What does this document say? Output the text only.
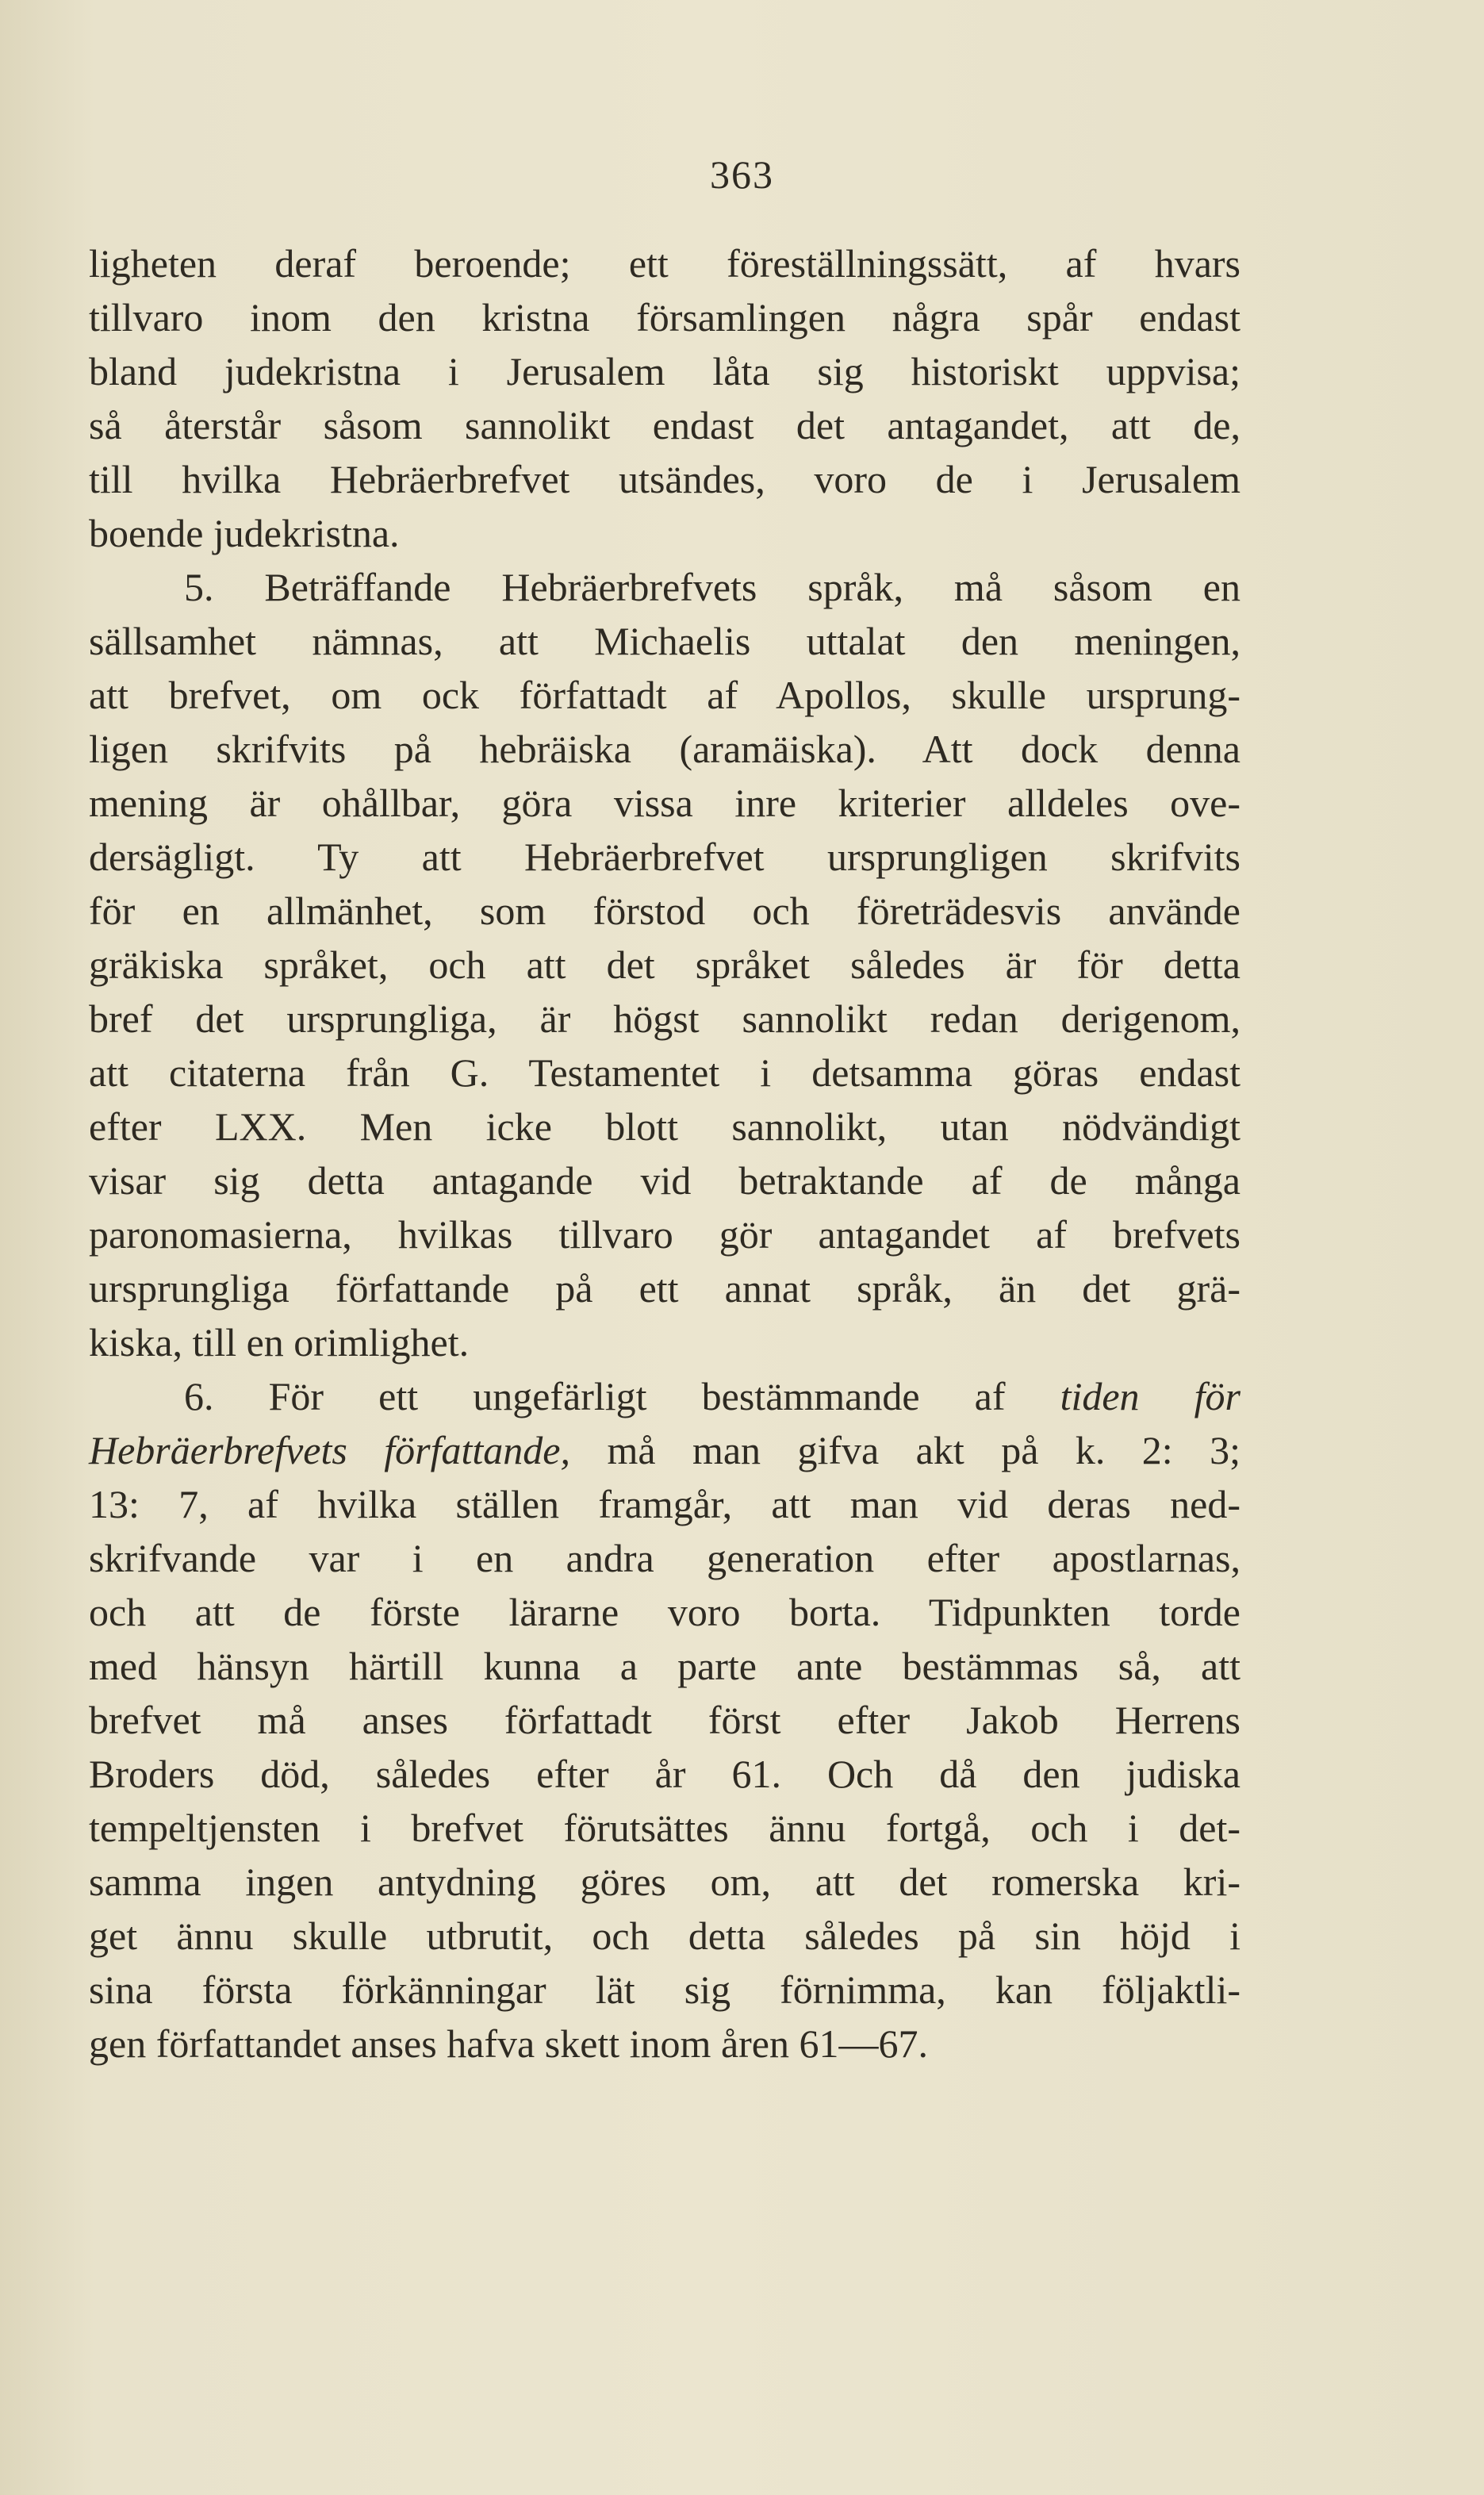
363
ligheten deraf beroende; ett föreställningssätt, af hvars
tillvaro inom den kristna församlingen några spår endast
bland judekristna i Jerusalem låta sig historiskt uppvisa;
så återstår såsom sannolikt endast det antagandet, att de,
till hvilka Hebräerbrefvet utsändes, voro de i Jerusalem
boende judekristna.
5. Beträffande Hebräerbrefvets språk, må såsom en
sällsamhet nämnas, att Michaelis uttalat den meningen,
att brefvet, om ock författadt af Apollos, skulle ursprung-
ligen skrifvits på hebräiska (aramäiska). Att dock denna
mening är ohållbar, göra vissa inre kriterier alldeles ove-
dersägligt. Ty att Hebräerbrefvet ursprungligen skrifvits
för en allmänhet, som förstod och företrädesvis använde
gräkiska språket, och att det språket således är för detta
bref det ursprungliga, är högst sannolikt redan derigenom,
att citaterna från G. Testamentet i detsamma göras endast
efter LXX. Men icke blott sannolikt, utan nödvändigt
visar sig detta antagande vid betraktande af de många
paronomasierna, hvilkas tillvaro gör antagandet af brefvets
ursprungliga författande på ett annat språk, än det grä-
kiska, till en orimlighet.
6. För ett ungefärligt bestämmande af tiden för
Hebräerbrefvets författande, må man gifva akt på k. 2: 3;
13: 7, af hvilka ställen framgår, att man vid deras ned-
skrifvande var i en andra generation efter apostlarnas,
och att de förste lärarne voro borta. Tidpunkten torde
med hänsyn härtill kunna a parte ante bestämmas så, att
brefvet må anses författadt först efter Jakob Herrens
Broders död, således efter år 61. Och då den judiska
tempeltjensten i brefvet förutsättes ännu fortgå, och i det-
samma ingen antydning göres om, att det romerska kri-
get ännu skulle utbrutit, och detta således på sin höjd i
sina första förkänningar lät sig förnimma, kan följaktli-
gen författandet anses hafva skett inom åren 61—67.
